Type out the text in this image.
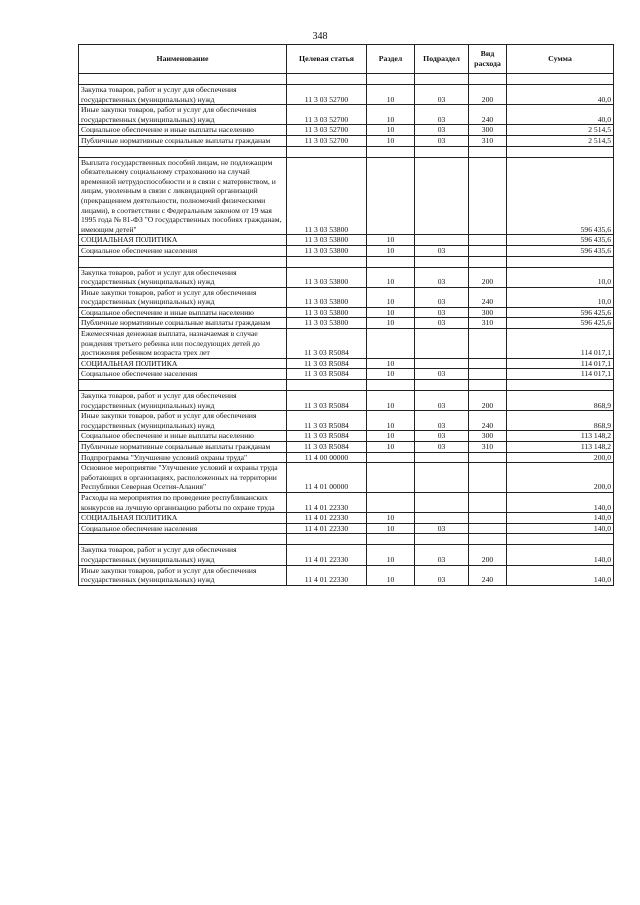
348
Наименование	Целевая статья	Раздел	Подраздел	Вид расхода	Сумма

Закупка товаров, работ и услуг для обеспечения государственных (муниципальных) нужд	11 3 03 52700	10	03	200	40,0
Иные закупки товаров, работ и услуг для обеспечения государственных (муниципальных) нужд	11 3 03 52700	10	03	240	40,0
Социальное обеспечение и иные выплаты населению	11 3 03 52700	10	03	300	2 514,5
Публичные нормативные социальные выплаты гражданам	11 3 03 52700	10	03	310	2 514,5

Выплата государственных пособий лицам, не подлежащим обязательному социальному страхованию на случай временной нетрудоспособности и в связи с материнством, и лицам, уволенным в связи с ликвидацией организаций (прекращением деятельности, полномочий физическими лицами), в соответствии с Федеральным законом от 19 мая 1995 года № 81-ФЗ "О государственных пособиях гражданам, имеющим детей"	11 3 03 53800				596 435,6
СОЦИАЛЬНАЯ ПОЛИТИКА	11 3 03 53800	10			596 435,6
Социальное обеспечение населения	11 3 03 53800	10	03		596 435,6

Закупка товаров, работ и услуг для обеспечения государственных (муниципальных) нужд	11 3 03 53800	10	03	200	10,0
Иные закупки товаров, работ и услуг для обеспечения государственных (муниципальных) нужд	11 3 03 53800	10	03	240	10,0
Социальное обеспечение и иные выплаты населению	11 3 03 53800	10	03	300	596 425,6
Публичные нормативные социальные выплаты гражданам	11 3 03 53800	10	03	310	596 425,6
Ежемесячная денежная выплата, назначаемая в случае рождения третьего ребенка или последующих детей до достижения ребенком возраста трех лет	11 3 03 R5084				114 017,1
СОЦИАЛЬНАЯ ПОЛИТИКА	11 3 03 R5084	10			114 017,1
Социальное обеспечение населения	11 3 03 R5084	10	03		114 017,1

Закупка товаров, работ и услуг для обеспечения государственных (муниципальных) нужд	11 3 03 R5084	10	03	200	868,9
Иные закупки товаров, работ и услуг для обеспечения государственных (муниципальных) нужд	11 3 03 R5084	10	03	240	868,9
Социальное обеспечение и иные выплаты населению	11 3 03 R5084	10	03	300	113 148,2
Публичные нормативные социальные выплаты гражданам	11 3 03 R5084	10	03	310	113 148,2
Подпрограмма "Улучшение условий охраны труда"	11 4 00 00000				200,0
Основное мероприятие "Улучшение условий и охраны труда работающих в организациях, расположенных на территории Республики Северная Осетия-Алания"	11 4 01 00000				200,0
Расходы на мероприятия по проведение республиканских конкурсов на лучшую организацию работы по охране труда	11 4 01 22330				140,0
СОЦИАЛЬНАЯ ПОЛИТИКА	11 4 01 22330	10			140,0
Социальное обеспечение населения	11 4 01 22330	10	03		140,0

Закупка товаров, работ и услуг для обеспечения государственных (муниципальных) нужд	11 4 01 22330	10	03	200	140,0
Иные закупки товаров, работ и услуг для обеспечения государственных (муниципальных) нужд	11 4 01 22330	10	03	240	140,0
